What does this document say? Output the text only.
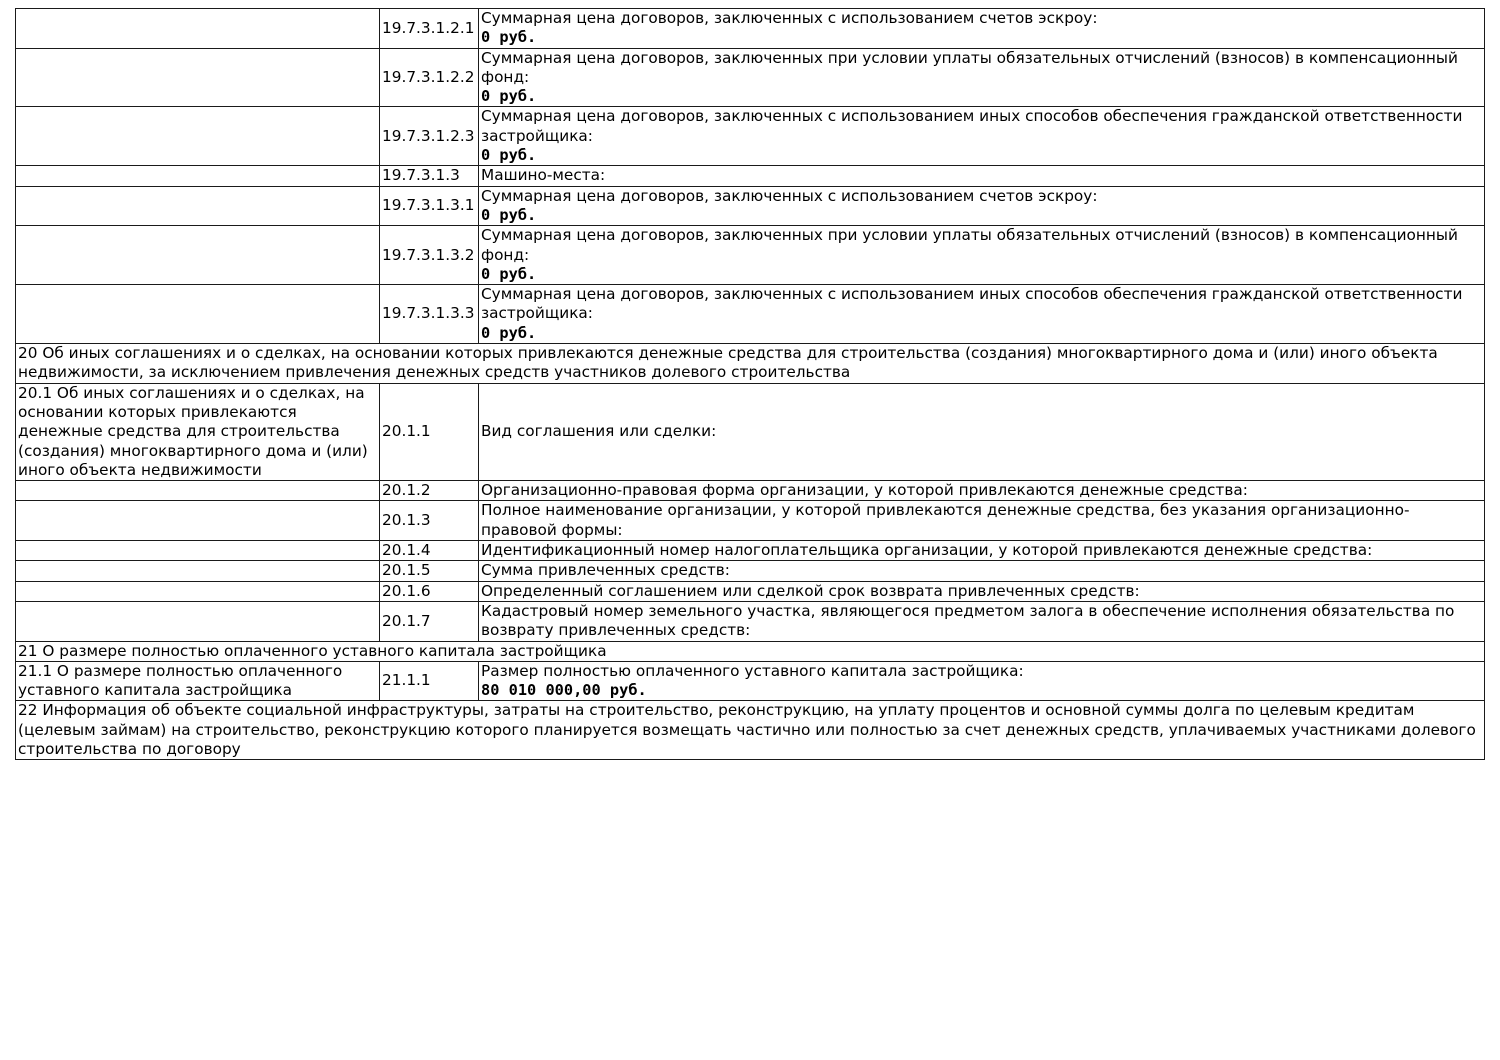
	19.7.3.1.2.1	Суммарная цена договоров, заключенных с использованием счетов эскроу:
0 руб.

	19.7.3.1.2.2	Суммарная цена договоров, заключенных при условии уплаты обязательных отчислений (взносов) в компенсационный фонд:
0 руб.

	19.7.3.1.2.3	Суммарная цена договоров, заключенных с использованием иных способов обеспечения гражданской ответственности застройщика:
0 руб.

	19.7.3.1.3	Машино-места:

	19.7.3.1.3.1	Суммарная цена договоров, заключенных с использованием счетов эскроу:
0 руб.

	19.7.3.1.3.2	Суммарная цена договоров, заключенных при условии уплаты обязательных отчислений (взносов) в компенсационный фонд:
0 руб.

	19.7.3.1.3.3	Суммарная цена договоров, заключенных с использованием иных способов обеспечения гражданской ответственности застройщика:
0 руб.

20 Об иных соглашениях и о сделках, на основании которых привлекаются денежные средства для строительства (создания) многоквартирного дома и (или) иного объекта недвижимости, за исключением привлечения денежных средств участников долевого строительства		
20.1 Об иных соглашениях и о сделках, на основании которых привлекаются денежные средства для строительства (создания) многоквартирного дома и (или) иного объекта недвижимости	20.1.1	Вид соглашения или сделки:

	20.1.2	Организационно-правовая форма организации, у которой привлекаются денежные средства:

	20.1.3	Полное наименование организации, у которой привлекаются денежные средства, без указания организационно-правовой формы:

	20.1.4	Идентификационный номер налогоплательщика организации, у которой привлекаются денежные средства:

	20.1.5	Сумма привлеченных средств:

	20.1.6	Определенный соглашением или сделкой срок возврата привлеченных средств:

	20.1.7	Кадастровый номер земельного участка, являющегося предметом залога в обеспечение исполнения обязательства по возврату привлеченных средств:

21 О размере полностью оплаченного уставного капитала застройщика		
21.1 О размере полностью оплаченного уставного капитала застройщика	21.1.1	Размер полностью оплаченного уставного капитала застройщика:
80 010 000,00 руб.

22 Информация об объекте социальной инфраструктуры, затраты на строительство, реконструкцию, на уплату процентов и основной суммы долга по целевым кредитам (целевым займам) на строительство, реконструкцию которого планируется возмещать частично или полностью за счет денежных средств, уплачиваемых участниками долевого строительства по договору		
